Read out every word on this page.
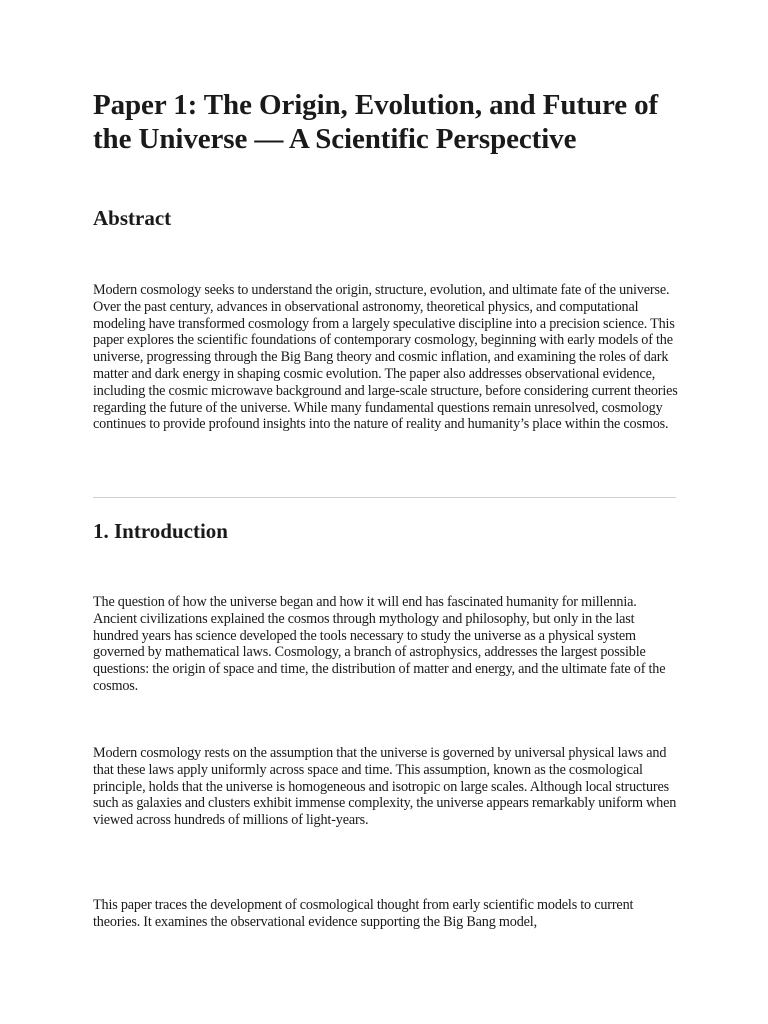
Paper 1: The Origin, Evolution, and Future of the Universe — A Scientific Perspective
Abstract

Modern cosmology seeks to understand the origin, structure, evolution, and ultimate fate of the universe. Over the past century, advances in observational astronomy, theoretical physics, and computational modeling have transformed cosmology from a largely speculative discipline into a precision science. This paper explores the scientific foundations of contemporary cosmology, beginning with early models of the universe, progressing through the Big Bang theory and cosmic inflation, and examining the roles of dark matter and dark energy in shaping cosmic evolution. The paper also addresses observational evidence, including the cosmic microwave background and large-scale structure, before considering current theories regarding the future of the universe. While many fundamental questions remain unresolved, cosmology continues to provide profound insights into the nature of reality and humanity’s place within the cosmos.

1. Introduction

The question of how the universe began and how it will end has fascinated humanity for millennia. Ancient civilizations explained the cosmos through mythology and philosophy, but only in the last hundred years has science developed the tools necessary to study the universe as a physical system governed by mathematical laws. Cosmology, a branch of astrophysics, addresses the largest possible questions: the origin of space and time, the distribution of matter and energy, and the ultimate fate of the cosmos.

Modern cosmology rests on the assumption that the universe is governed by universal physical laws and that these laws apply uniformly across space and time. This assumption, known as the cosmological principle, holds that the universe is homogeneous and isotropic on large scales. Although local structures such as galaxies and clusters exhibit immense complexity, the universe appears remarkably uniform when viewed across hundreds of millions of light-years.

This paper traces the development of cosmological thought from early scientific models to current theories. It examines the observational evidence supporting the Big Bang model,
